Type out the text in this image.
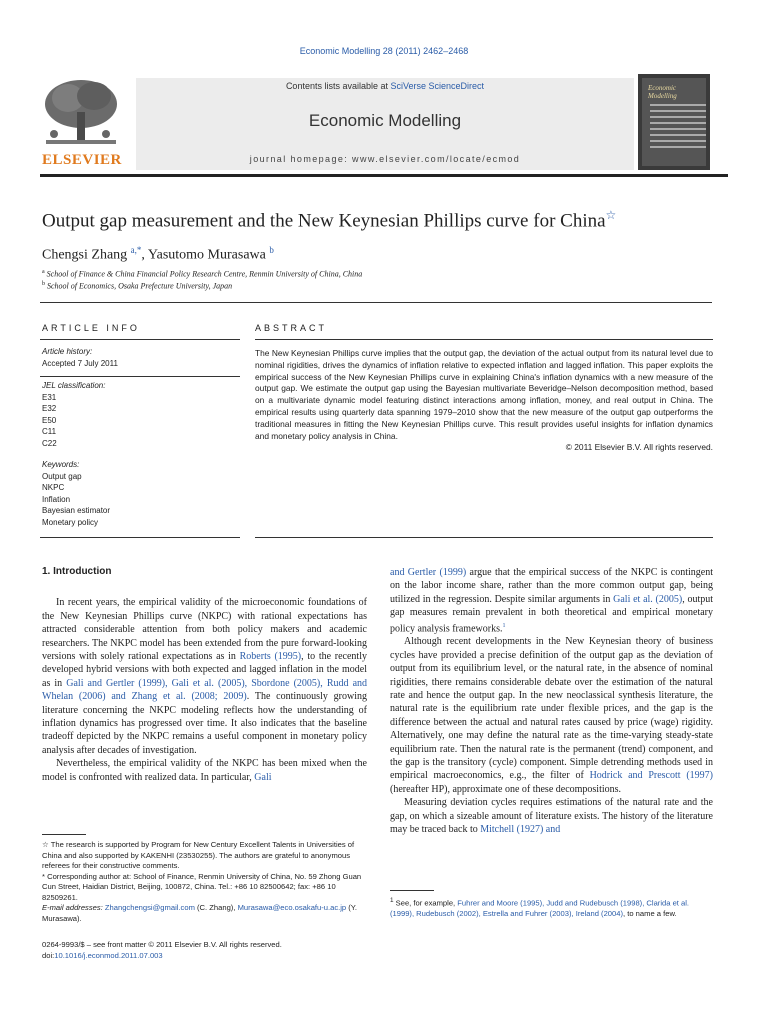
Economic Modelling 28 (2011) 2462–2468
ELSEVIER
Contents lists available at SciVerse ScienceDirect
Economic Modelling
journal homepage: www.elsevier.com/locate/ecmod
Economic Modelling
Output gap measurement and the New Keynesian Phillips curve for China☆
Chengsi Zhang $^{a,*}$, Yasutomo Murasawa $^b$
$^a$ School of Finance & China Financial Policy Research Centre, Renmin University of China, China
$^b$ School of Economics, Osaka Prefecture University, Japan
ARTICLE INFO
Article history:
Accepted 7 July 2011
JEL classification:
E31
E32
E50
C11
C22
Keywords:
Output gap
NKPC
Inflation
Bayesian estimator
Monetary policy
ABSTRACT
The New Keynesian Phillips curve implies that the output gap, the deviation of the actual output from its natural level due to nominal rigidities, drives the dynamics of inflation relative to expected inflation and lagged inflation. This paper exploits the empirical success of the New Keynesian Phillips curve in explaining China's inflation dynamics with a new measure of the output gap. We estimate the output gap using the Bayesian multivariate Beveridge–Nelson decomposition method, based on a multivariate dynamic model featuring distinct interactions among inflation, money, and real output in China. The empirical results using quarterly data spanning 1979–2010 show that the new measure of the output gap outperforms the traditional measures in fitting the New Keynesian Phillips curve. This result provides useful insights for inflation dynamics and monetary policy analysis in China.
© 2011 Elsevier B.V. All rights reserved.
1. Introduction

In recent years, the empirical validity of the microeconomic foundations of the New Keynesian Phillips curve (NKPC) with rational expectations has attracted considerable attention from both policy makers and academic researchers. The NKPC model has been extended from the pure forward-looking versions with solely rational expectations as in Roberts (1995), to the recently developed hybrid versions with both expected and lagged inflation in the model as in Gali and Gertler (1999), Gali et al. (2005), Sbordone (2005), Rudd and Whelan (2006) and Zhang et al. (2008; 2009). The continuously growing literature concerning the NKPC modeling reflects how the understanding of inflation dynamics has progressed over time. It also indicates that the baseline tradeoff depicted by the NKPC remains a useful component in monetary policy analysis after decades of investigation.

Nevertheless, the empirical validity of the NKPC has been mixed when the model is confronted with realized data. In particular, Gali

and Gertler (1999) argue that the empirical success of the NKPC is contingent on the labor income share, rather than the more common output gap, being utilized in the regression. Despite similar arguments in Gali et al. (2005), output gap measures remain prevalent in both theoretical and empirical monetary policy analysis frameworks.$^1$

Although recent developments in the New Keynesian theory of business cycles have provided a precise definition of the output gap as the deviation of output from its equilibrium level, or the natural rate, in the absence of nominal rigidities, there remains considerable debate over the estimation of the natural rate and hence the output gap. In the new neoclassical synthesis literature, the natural rate is the equilibrium rate under flexible prices, and the gap is the difference between the actual and natural rates caused by price (wage) rigidity. Alternatively, one may define the natural rate as the time-varying steady-state equilibrium rate. Then the natural rate is the permanent (trend) component, and the gap is the transitory (cycle) component. Simple detrending methods used in empirical macroeconomics, e.g., the filter of Hodrick and Prescott (1997) (hereafter HP), approximate one of these decompositions.

Measuring deviation cycles requires estimations of the natural rate and the gap, on which a sizeable amount of literature exists. The history of the literature may be traced back to Mitchell (1927) and

☆ The research is supported by Program for New Century Excellent Talents in Universities of China and also supported by KAKENHI (23530255). The authors are grateful to anonymous referees for their constructive comments.

* Corresponding author at: School of Finance, Renmin University of China, No. 59 Zhong Guan Cun Street, Haidian District, Beijing, 100872, China. Tel.: +86 10 82500642; fax: +86 10 82509261.

E-mail addresses: Zhangchengsi@gmail.com (C. Zhang), Murasawa@eco.osakafu-u.ac.jp (Y. Murasawa).

0264-9993/$ – see front matter © 2011 Elsevier B.V. All rights reserved.

doi:10.1016/j.econmod.2011.07.003

$^1$ See, for example, Fuhrer and Moore (1995), Judd and Rudebusch (1998), Clarida et al. (1999), Rudebusch (2002), Estrella and Fuhrer (2003), Ireland (2004), to name a few.
